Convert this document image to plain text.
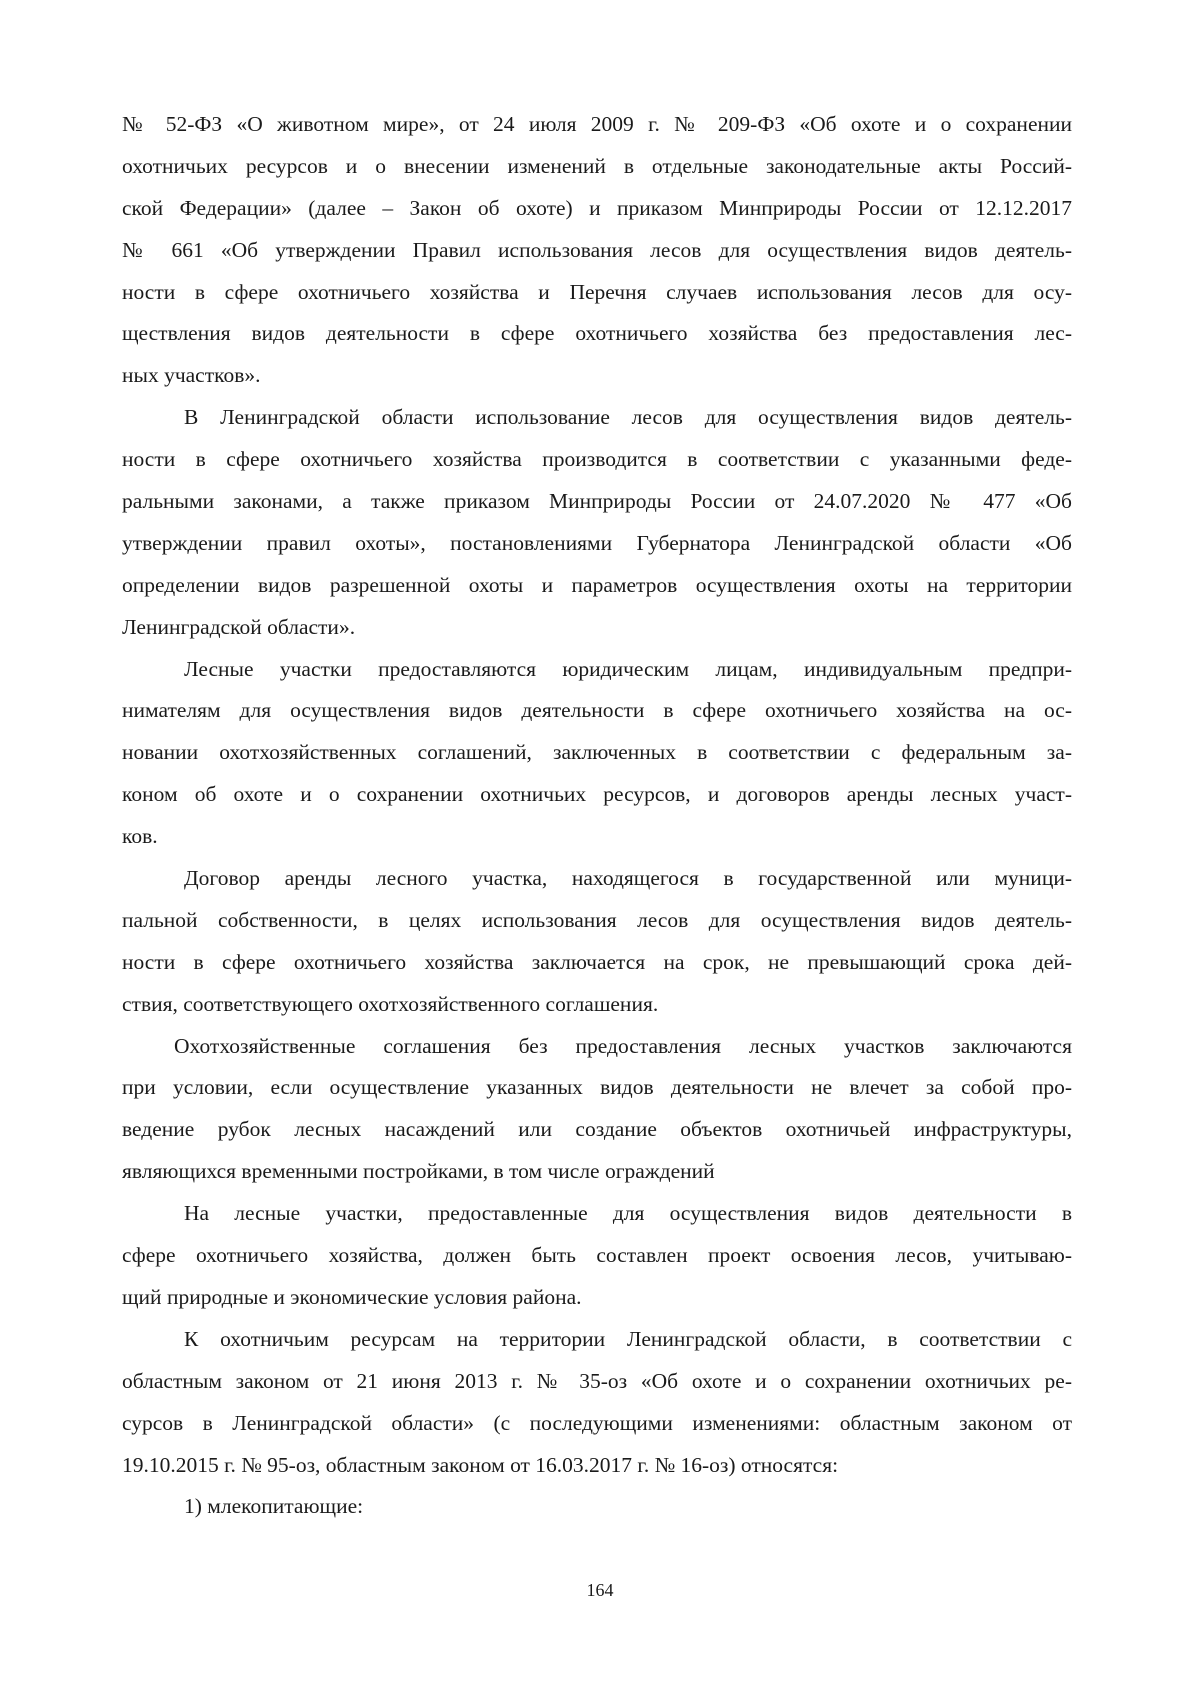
№ 52-ФЗ «О животном мире», от 24 июля 2009 г. № 209-ФЗ «Об охоте и о сохранении
охотничьих ресурсов и о внесении изменений в отдельные законодательные акты Россий-
ской Федерации» (далее – Закон об охоте) и приказом Минприроды России от 12.12.2017
№ 661 «Об утверждении Правил использования лесов для осуществления видов деятель-
ности в сфере охотничьего хозяйства и Перечня случаев использования лесов для осу-
ществления видов деятельности в сфере охотничьего хозяйства без предоставления лес-
ных участков».
В Ленинградской области использование лесов для осуществления видов деятель-
ности в сфере охотничьего хозяйства производится в соответствии с указанными феде-
ральными законами, а также приказом Минприроды России от 24.07.2020 № 477 «Об
утверждении правил охоты», постановлениями Губернатора Ленинградской области «Об
определении видов разрешенной охоты и параметров осуществления охоты на территории
Ленинградской области».
Лесные участки предоставляются юридическим лицам, индивидуальным предпри-
нимателям для осуществления видов деятельности в сфере охотничьего хозяйства на ос-
новании охотхозяйственных соглашений, заключенных в соответствии с федеральным за-
коном об охоте и о сохранении охотничьих ресурсов, и договоров аренды лесных участ-
ков.
Договор аренды лесного участка, находящегося в государственной или муници-
пальной собственности, в целях использования лесов для осуществления видов деятель-
ности в сфере охотничьего хозяйства заключается на срок, не превышающий срока дей-
ствия, соответствующего охотхозяйственного соглашения.
Охотхозяйственные соглашения без предоставления лесных участков заключаются
при условии, если осуществление указанных видов деятельности не влечет за собой про-
ведение рубок лесных насаждений или создание объектов охотничьей инфраструктуры,
являющихся временными постройками, в том числе ограждений
На лесные участки, предоставленные для осуществления видов деятельности в
сфере охотничьего хозяйства, должен быть составлен проект освоения лесов, учитываю-
щий природные и экономические условия района.
К охотничьим ресурсам на территории Ленинградской области, в соответствии с
областным законом от 21 июня 2013 г. № 35-оз «Об охоте и о сохранении охотничьих ре-
сурсов в Ленинградской области» (с последующими изменениями: областным законом от
19.10.2015 г. № 95-оз, областным законом от 16.03.2017 г. № 16-оз) относятся:
1) млекопитающие:
164
